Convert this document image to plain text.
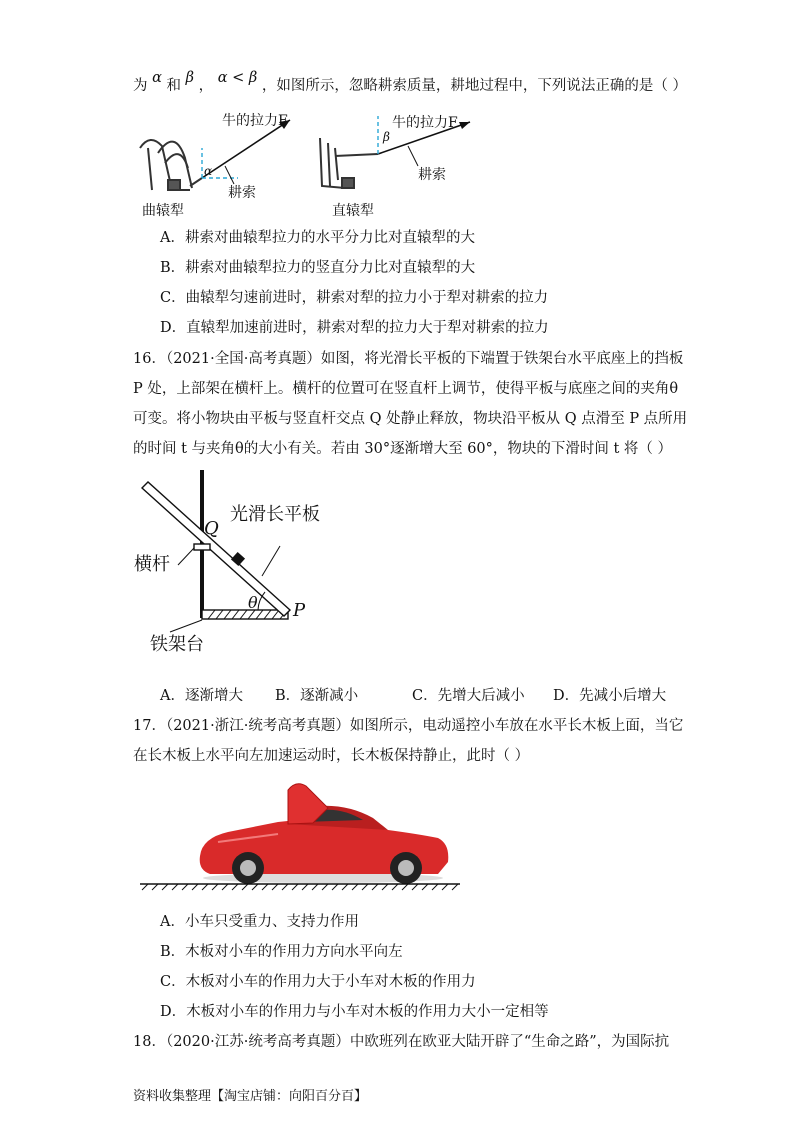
为 α 和 β ， α < β ，如图所示，忽略耕索质量，耕地过程中，下列说法正确的是（ ）
牛的拉力F
α
耕索
曲辕犁
牛的拉力F
β
耕索
直辕犁
A．耕索对曲辕犁拉力的水平分力比对直辕犁的大
B．耕索对曲辕犁拉力的竖直分力比对直辕犁的大
C．曲辕犁匀速前进时，耕索对犁的拉力小于犁对耕索的拉力
D．直辕犁加速前进时，耕索对犁的拉力大于犁对耕索的拉力
16．（2021·全国·高考真题）如图，将光滑长平板的下端置于铁架台水平底座上的挡板
P 处，上部架在横杆上。横杆的位置可在竖直杆上调节，使得平板与底座之间的夹角θ
可变。将小物块由平板与竖直杆交点 Q 处静止释放，物块沿平板从 Q 点滑至 P 点所用
的时间 t 与夹角θ的大小有关。若由 30°逐渐增大至 60°，物块的下滑时间 t 将（ ）
光滑长平板
Q
横杆
θ P
铁架台
A．逐渐增大 B．逐渐减小	C．先增大后减小 D．先减小后增大
17．（2021·浙江·统考高考真题）如图所示，电动遥控小车放在水平长木板上面，当它
在长木板上水平向左加速运动时，长木板保持静止，此时（ ）
A．小车只受重力、支持力作用
B．木板对小车的作用力方向水平向左
C．木板对小车的作用力大于小车对木板的作用力
D．木板对小车的作用力与小车对木板的作用力大小一定相等
18．（2020·江苏·统考高考真题）中欧班列在欧亚大陆开辟了“生命之路”，为国际抗
资料收集整理【淘宝店铺：向阳百分百】
